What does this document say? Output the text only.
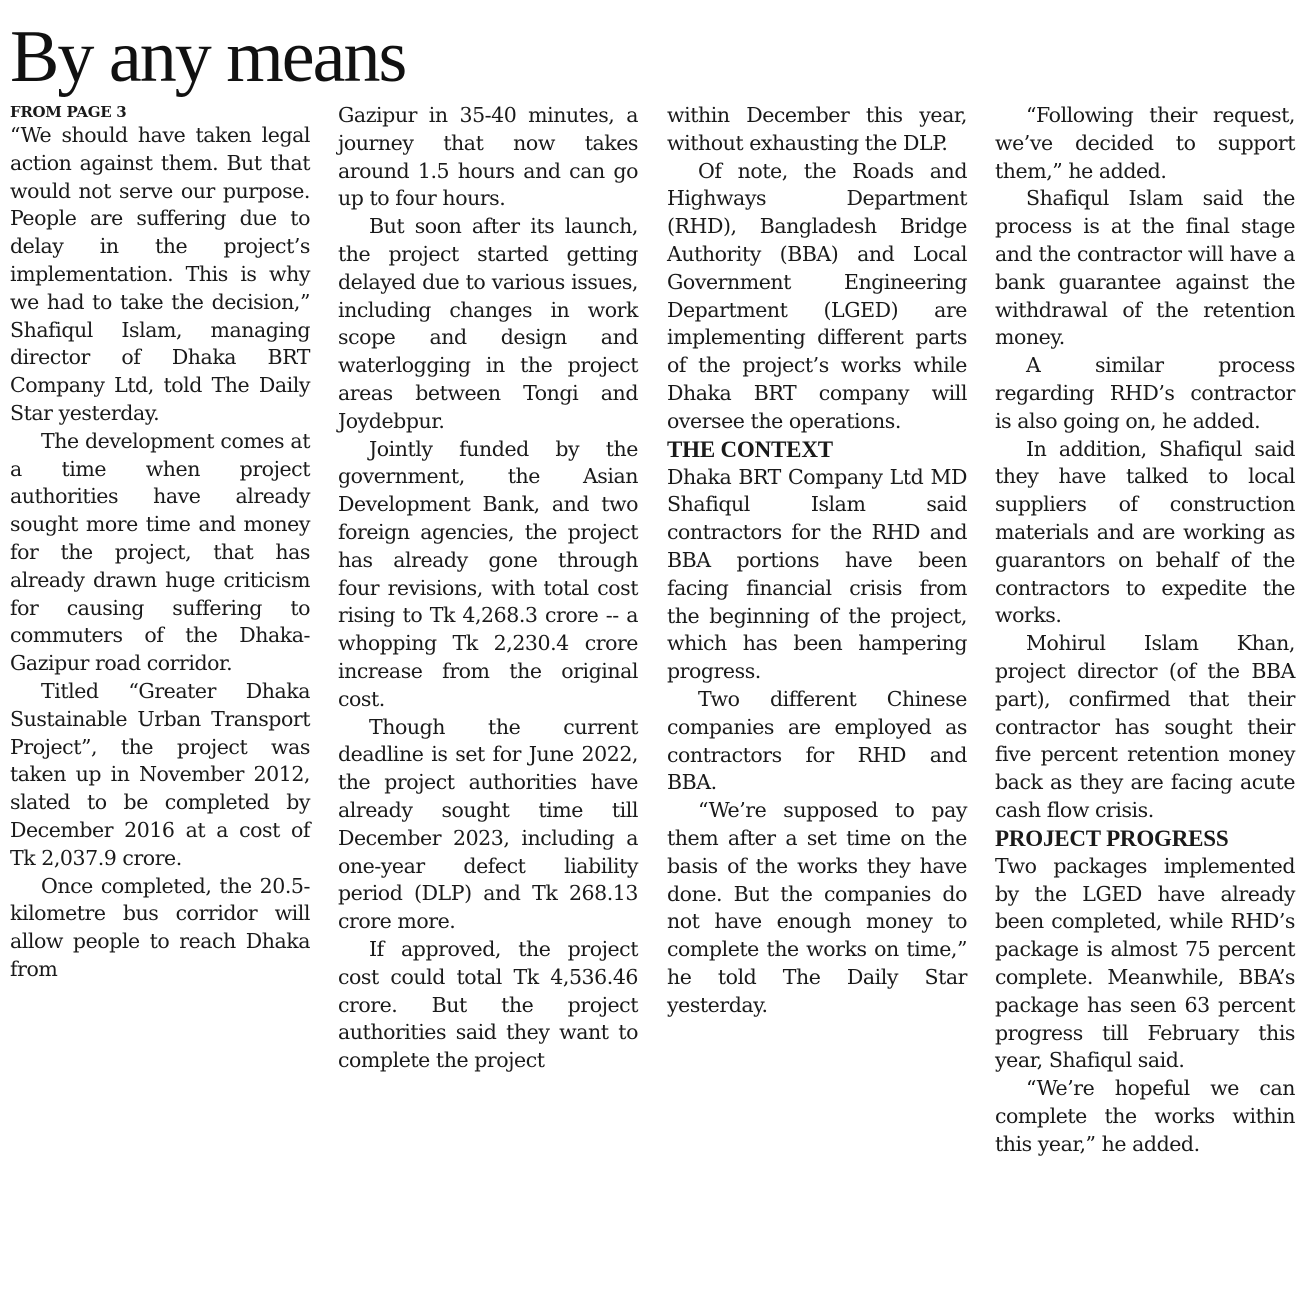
By any means
FROM PAGE 3

“We should have taken legal action against them. But that would not serve our purpose. People are suffering due to delay in the project’s implementation. This is why we had to take the decision,” Shafiqul Islam, managing director of Dhaka BRT Company Ltd, told The Daily Star yesterday.

The development comes at a time when project authorities have already sought more time and money for the project, that has already drawn huge criticism for causing suffering to commuters of the Dhaka-Gazipur road corridor.

Titled “Greater Dhaka Sustainable Urban Transport Project”, the project was taken up in November 2012, slated to be completed by December 2016 at a cost of Tk 2,037.9 crore.

Once completed, the 20.5-kilometre bus corridor will allow people to reach Dhaka from

Gazipur in 35-40 minutes, a journey that now takes around 1.5 hours and can go up to four hours.

But soon after its launch, the project started getting delayed due to various issues, including changes in work scope and design and waterlogging in the project areas between Tongi and Joydebpur.

Jointly funded by the government, the Asian Development Bank, and two foreign agencies, the project has already gone through four revisions, with total cost rising to Tk 4,268.3 crore -- a whopping Tk 2,230.4 crore increase from the original cost.

Though the current deadline is set for June 2022, the project authorities have already sought time till December 2023, including a one-year defect liability period (DLP) and Tk 268.13 crore more.

If approved, the project cost could total Tk 4,536.46 crore. But the project authorities said they want to complete the project

within December this year, without exhausting the DLP.

Of note, the Roads and Highways Department (RHD), Bangladesh Bridge Authority (BBA) and Local Government Engineering Department (LGED) are implementing different parts of the project’s works while Dhaka BRT company will oversee the operations.

THE CONTEXT

Dhaka BRT Company Ltd MD Shafiqul Islam said contractors for the RHD and BBA portions have been facing financial crisis from the beginning of the project, which has been hampering progress.

Two different Chinese companies are employed as contractors for RHD and BBA.

“We’re supposed to pay them after a set time on the basis of the works they have done. But the companies do not have enough money to complete the works on time,” he told The Daily Star yesterday.

“Following their request, we’ve decided to support them,” he added.

Shafiqul Islam said the process is at the final stage and the contractor will have a bank guarantee against the withdrawal of the retention money.

A similar process regarding RHD’s contractor is also going on, he added.

In addition, Shafiqul said they have talked to local suppliers of construction materials and are working as guarantors on behalf of the contractors to expedite the works.

Mohirul Islam Khan, project director (of the BBA part), confirmed that their contractor has sought their five percent retention money back as they are facing acute cash flow crisis.

PROJECT PROGRESS

Two packages implemented by the LGED have already been completed, while RHD’s package is almost 75 percent complete. Meanwhile, BBA’s package has seen 63 percent progress till February this year, Shafiqul said.

“We’re hopeful we can complete the works within this year,” he added.
